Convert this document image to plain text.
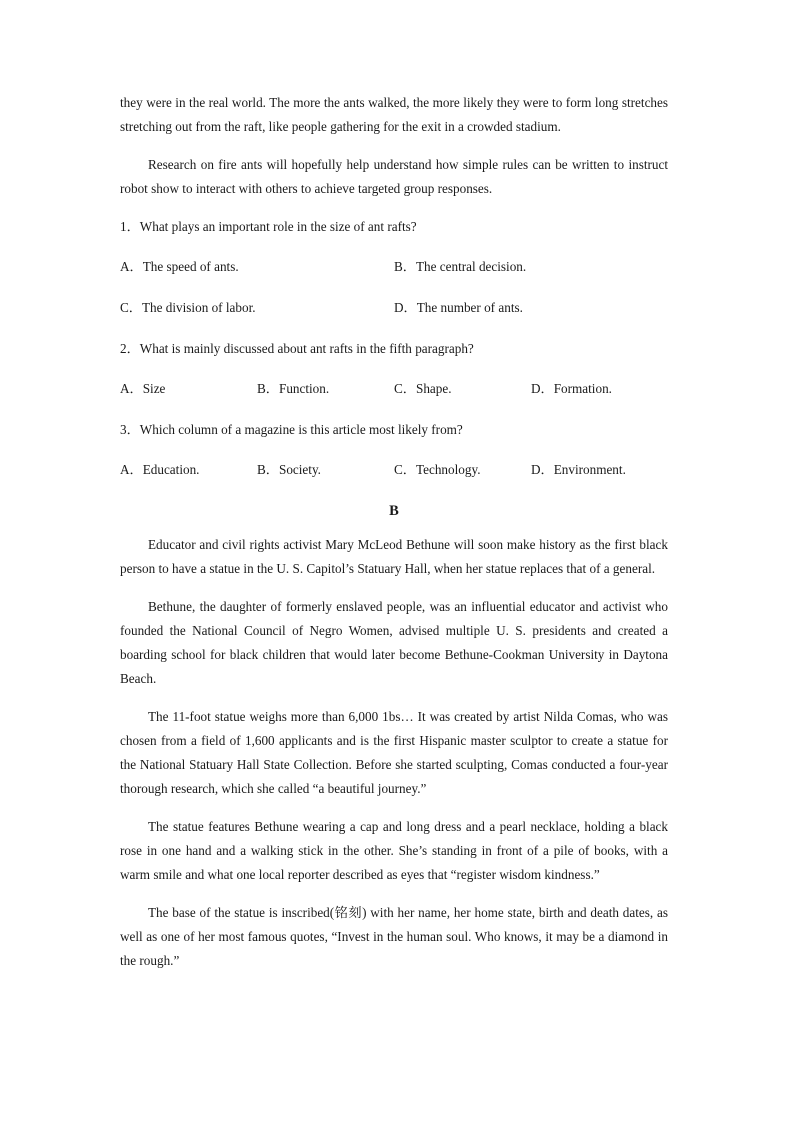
they were in the real world. The more the ants walked, the more likely they were to form long stretches stretching out from the raft, like people gathering for the exit in a crowded stadium.

Research on fire ants will hopefully help understand how simple rules can be written to instruct robot show to interact with others to achieve targeted group responses.

1．What plays an important role in the size of ant rafts?
A．The speed of ants.	B．The central decision.
C．The division of labor.	D．The number of ants.
2．What is mainly discussed about ant rafts in the fifth paragraph?
A．Size	B．Function.	C．Shape.	D．Formation.
3．Which column of a magazine is this article most likely from?
A．Education.	B．Society.	C．Technology.	D．Environment.
B

Educator and civil rights activist Mary McLeod Bethune will soon make history as the first black person to have a statue in the U. S. Capitol’s Statuary Hall, when her statue replaces that of a general.

Bethune, the daughter of formerly enslaved people, was an influential educator and activist who founded the National Council of Negro Women, advised multiple U. S. presidents and created a boarding school for black children that would later become Bethune-Cookman University in Daytona Beach.

The 11-foot statue weighs more than 6,000 1bs… It was created by artist Nilda Comas, who was chosen from a field of 1,600 applicants and is the first Hispanic master sculptor to create a statue for the National Statuary Hall State Collection. Before she started sculpting, Comas conducted a four-year thorough research, which she called “a beautiful journey.”

The statue features Bethune wearing a cap and long dress and a pearl necklace, holding a black rose in one hand and a walking stick in the other. She’s standing in front of a pile of books, with a warm smile and what one local reporter described as eyes that “register wisdom kindness.”

The base of the statue is inscribed(铭刻) with her name, her home state, birth and death dates, as well as one of her most famous quotes, “Invest in the human soul. Who knows, it may be a diamond in the rough.”
